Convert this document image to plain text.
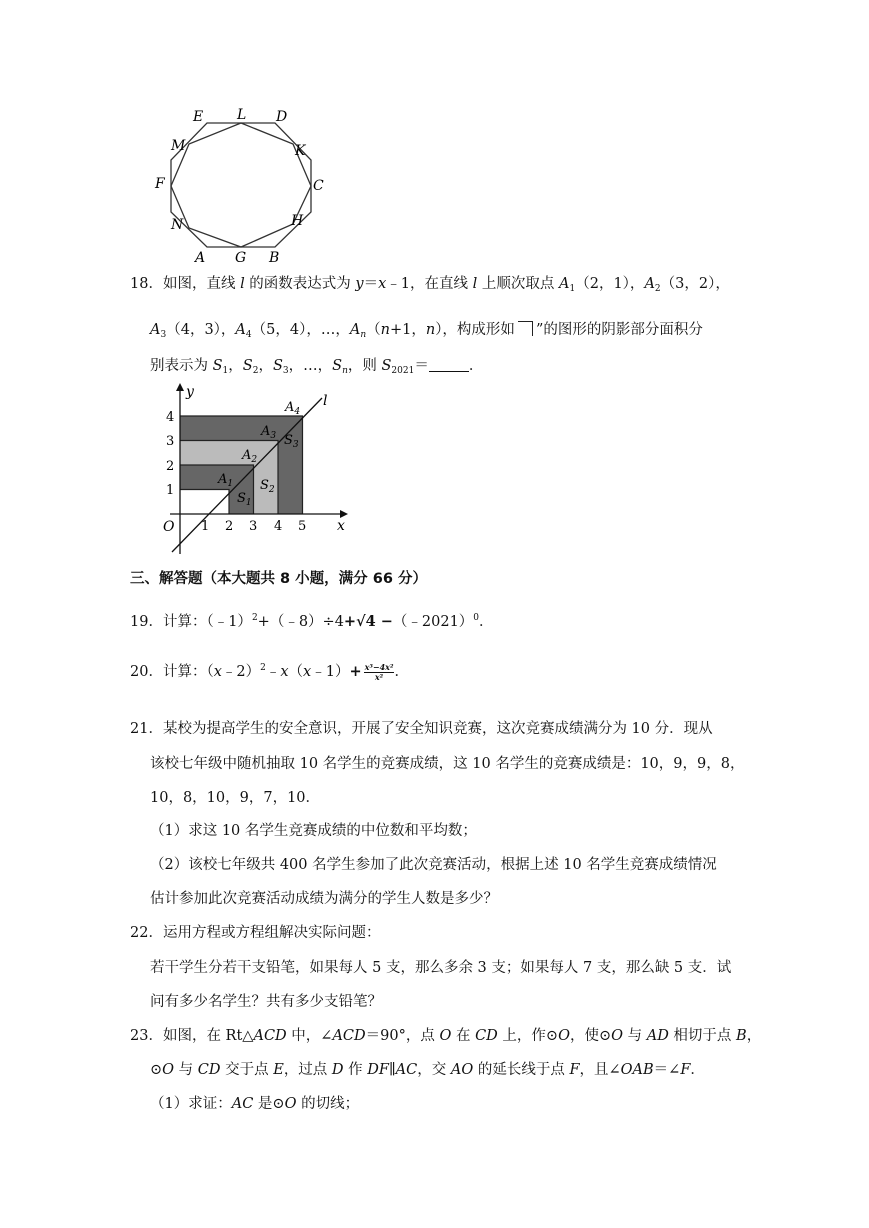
E L D
M	K
F	C
N	H
A G B
18．如图，直线 l 的函数表达式为 y＝x﹣1，在直线 l 上顺次取点 $A_1(2$，1），$A_2(3$，2），
$A_3(4$，3），$A_4(5$，4），…，$A_n(n+1$，n），构成形如 ”的图形的阴影部分面积分
别表示为 $S_1$，$S_2$，$S_3$，…，$S_n$，则 $S_{2021}=$	．
y
x
O
l
4
3
2
1
1 2 3 4 5
$A_1$
$A_2$
$A_3$
$A_4$
$S_1$
$S_2$
$S_3$
三、解答题（本大题共 8 小题，满分 66 分）
19．计算：（﹣1）$^2$+（﹣8）÷4+√4 −（﹣2021）$^0$．
20．计算：（x﹣2）$^2$﹣x（x﹣1）+ $\frac{\text{x³−4x²}}{\text{x²}}$ ．
21．某校为提高学生的安全意识，开展了安全知识竞赛，这次竞赛成绩满分为 10 分．现从
该校七年级中随机抽取 10 名学生的竞赛成绩，这 10 名学生的竞赛成绩是：10，9，9，8，
10，8，10，9，7，10．
（1）求这 10 名学生竞赛成绩的中位数和平均数；
（2）该校七年级共 400 名学生参加了此次竞赛活动，根据上述 10 名学生竞赛成绩情况
估计参加此次竞赛活动成绩为满分的学生人数是多少？
22．运用方程或方程组解决实际问题：
若干学生分若干支铅笔，如果每人 5 支，那么多余 3 支；如果每人 7 支，那么缺 5 支．试
问有多少名学生？共有多少支铅笔？
23．如图，在 Rt△ACD 中，∠ACD＝90°，点 O 在 CD 上，作⊙O，使⊙O 与 AD 相切于点 B，
⊙O 与 CD 交于点 E，过点 D 作 DF∥AC，交 AO 的延长线于点 F，且∠OAB＝∠F．
（1）求证：AC 是⊙O 的切线；
